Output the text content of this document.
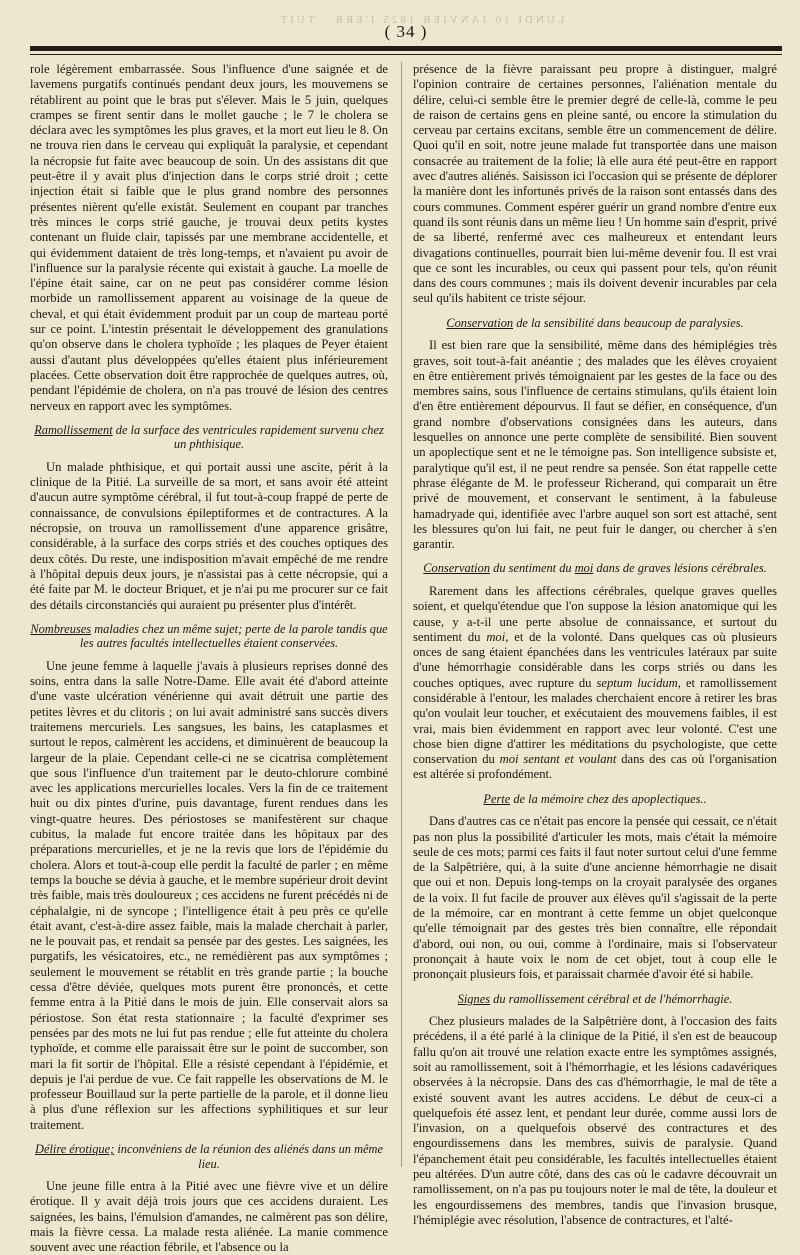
LUNDI 10 JANVIER 1825 I'ERR · TUIT
( 34 )

role légèrement embarrassée. Sous l'influence d'une saignée et de lavemens purgatifs continués pendant deux jours, les mouvemens se rétablirent au point que le bras put s'élever. Mais le 5 juin, quelques crampes se firent sentir dans le mollet gauche ; le 7 le cholera se déclara avec les symptômes les plus graves, et la mort eut lieu le 8. On ne trouva rien dans le cerveau qui expliquât la paralysie, et cependant la nécropsie fut faite avec beaucoup de soin. Un des assistans dit que peut-être il y avait plus d'injection dans le corps strié droit ; cette injection était si faible que le plus grand nombre des personnes présentes nièrent qu'elle existât. Seulement en coupant par tranches très minces le corps strié gauche, je trouvai deux petits kystes contenant un fluide clair, tapissés par une membrane accidentelle, et qui évidemment dataient de très long-temps, et n'avaient pu avoir de l'influence sur la paralysie récente qui existait à gauche. La moelle de l'épine était saine, car on ne peut pas considérer comme lésion morbide un ramollissement apparent au voisinage de la queue de cheval, et qui était évidemment produit par un coup de marteau porté sur ce point. L'intestin présentait le développement des granulations qu'on observe dans le cholera typhoïde ; les plaques de Peyer étaient aussi d'autant plus développées qu'elles étaient plus inférieurement placées. Cette observation doit être rapprochée de quelques autres, où, pendant l'épidémie de cholera, on n'a pas trouvé de lésion des centres nerveux en rapport avec les symptômes.

Ramollissement de la surface des ventricules rapidement survenu chez un phthisique.

Un malade phthisique, et qui portait aussi une ascite, périt à la clinique de la Pitié. La surveille de sa mort, et sans avoir été atteint d'aucun autre symptôme cérébral, il fut tout-à-coup frappé de perte de connaissance, de convulsions épileptiformes et de contractures. A la nécropsie, on trouva un ramollissement d'une apparence grisâtre, considérable, à la surface des corps striés et des couches optiques des deux côtés. Du reste, une indisposition m'avait empêché de me rendre à l'hôpital depuis deux jours, je n'assistai pas à cette nécropsie, qui a été faite par M. le docteur Briquet, et je n'ai pu me procurer sur ce fait des détails circonstanciés qui auraient pu présenter plus d'intérêt.

Nombreuses maladies chez un même sujet; perte de la parole tandis que les autres facultés intellectuelles étaient conservées.

Une jeune femme à laquelle j'avais à plusieurs reprises donné des soins, entra dans la salle Notre-Dame. Elle avait été d'abord atteinte d'une vaste ulcération vénérienne qui avait détruit une partie des petites lèvres et du clitoris ; on lui avait administré sans succès divers traitemens mercuriels. Les sangsues, les bains, les cataplasmes et surtout le repos, calmèrent les accidens, et diminuèrent de beaucoup la largeur de la plaie. Cependant celle-ci ne se cicatrisa complètement que sous l'influence d'un traitement par le deuto-chlorure combiné avec les applications mercurielles locales. Vers la fin de ce traitement huit ou dix pintes d'urine, puis davantage, furent rendues dans les vingt-quatre heures. Des périostoses se manifestèrent sur chaque cubitus, la malade fut encore traitée dans les hôpitaux par des préparations mercurielles, et je ne la revis que lors de l'épidémie du cholera. Alors et tout-à-coup elle perdit la faculté de parler ; en même temps la bouche se dévia à gauche, et le membre supérieur droit devint très faible, mais très douloureux ; ces accidens ne furent précédés ni de céphalalgie, ni de syncope ; l'intelligence était à peu près ce qu'elle était avant, c'est-à-dire assez faible, mais la malade cherchait à parler, ne le pouvait pas, et rendait sa pensée par des gestes. Les saignées, les purgatifs, les vésicatoires, etc., ne remédièrent pas aux symptômes ; seulement le mouvement se rétablit en très grande partie ; la bouche cessa d'être déviée, quelques mots purent être prononcés, et cette femme entra à la Pitié dans le mois de juin. Elle conservait alors sa périostose. Son état resta stationnaire ; la faculté d'exprimer ses pensées par des mots ne lui fut pas rendue ; elle fut atteinte du cholera typhoïde, et comme elle paraissait être sur le point de succomber, son mari la fit sortir de l'hôpital. Elle a résisté cependant à l'épidémie, et depuis je l'ai perdue de vue. Ce fait rappelle les observations de M. le professeur Bouillaud sur la perte partielle de la parole, et il donne lieu à plus d'une réflexion sur les affections syphilitiques et sur leur traitement.

Délire érotique; inconvéniens de la réunion des aliénés dans un même lieu.

Une jeune fille entra à la Pitié avec une fièvre vive et un délire érotique. Il y avait déjà trois jours que ces accidens duraient. Les saignées, les bains, l'émulsion d'amandes, ne calmèrent pas son délire, mais la fièvre cessa. La malade resta aliénée. La manie commence souvent avec une réaction fébrile, et l'absence ou la

présence de la fièvre paraissant peu propre à distinguer, malgré l'opinion contraire de certaines personnes, l'aliénation mentale du délire, celui-ci semble être le premier degré de celle-là, comme le peu de raison de certains gens en pleine santé, ou encore la stimulation du cerveau par certains excitans, semble être un commencement de délire. Quoi qu'il en soit, notre jeune malade fut transportée dans une maison consacrée au traitement de la folie; là elle aura été peut-être en rapport avec d'autres aliénés. Saisisson ici l'occasion qui se présente de déplorer la manière dont les infortunés privés de la raison sont entassés dans des cours communes. Comment espérer guérir un grand nombre d'entre eux quand ils sont réunis dans un même lieu ! Un homme sain d'esprit, privé de sa liberté, renfermé avec ces malheureux et entendant leurs divagations continuelles, pourrait bien lui-même devenir fou. Il est vrai que ce sont les incurables, ou ceux qui passent pour tels, qu'on réunit dans des cours communes ; mais ils doivent devenir incurables par cela seul qu'ils habitent ce triste séjour.

Conservation de la sensibilité dans beaucoup de paralysies.

Il est bien rare que la sensibilité, même dans des hémiplégies très graves, soit tout-à-fait anéantie ; des malades que les élèves croyaient en être entièrement privés témoignaient par les gestes de la face ou des membres sains, sous l'influence de certains stimulans, qu'ils étaient loin d'en être entièrement dépourvus. Il faut se défier, en conséquence, d'un grand nombre d'observations consignées dans les auteurs, dans lesquelles on annonce une perte complète de sensibilité. Bien souvent un apoplectique sent et ne le témoigne pas. Son intelligence subsiste et, paralytique qu'il est, il ne peut rendre sa pensée. Son état rappelle cette phrase élégante de M. le professeur Richerand, qui comparait un être privé de mouvement, et conservant le sentiment, à la fabuleuse hamadryade qui, identifiée avec l'arbre auquel son sort est attaché, sent les blessures qu'on lui fait, ne peut fuir le danger, ou chercher à s'en garantir.

Conservation du sentiment du moi dans de graves lésions cérébrales.

Rarement dans les affections cérébrales, quelque graves quelles soient, et quelqu'étendue que l'on suppose la lésion anatomique qui les cause, y a-t-il une perte absolue de connaissance, et surtout du sentiment du moi, et de la volonté. Dans quelques cas où plusieurs onces de sang étaient épanchées dans les ventricules latéraux par suite d'une hémorrhagie considérable dans les corps striés ou dans les couches optiques, avec rupture du septum lucidum, et ramollissement considérable à l'entour, les malades cherchaient encore à retirer les bras qu'on voulait leur toucher, et exécutaient des mouvemens faibles, il est vrai, mais bien évidemment en rapport avec leur volonté. C'est une chose bien digne d'attirer les méditations du psychologiste, que cette conservation du moi sentant et voulant dans des cas où l'organisation est altérée si profondément.

Perte de la mémoire chez des apoplectiques..

Dans d'autres cas ce n'était pas encore la pensée qui cessait, ce n'était pas non plus la possibilité d'articuler les mots, mais c'était la mémoire seule de ces mots; parmi ces faits il faut noter surtout celui d'une femme de la Salpêtrière, qui, à la suite d'une ancienne hémorrhagie ne disait que oui et non. Depuis long-temps on la croyait paralysée des organes de la voix. Il fut facile de prouver aux élèves qu'il s'agissait de la perte de la mémoire, car en montrant à cette femme un objet quelconque qu'elle témoignait par des gestes très bien connaître, elle répondait d'abord, oui non, ou oui, comme à l'ordinaire, mais si l'observateur prononçait à haute voix le nom de cet objet, tout à coup elle le prononçait plusieurs fois, et paraissait charmée d'avoir été si habile.

Signes du ramollissement cérébral et de l'hémorrhagie.

Chez plusieurs malades de la Salpêtrière dont, à l'occasion des faits précédens, il a été parlé à la clinique de la Pitié, il s'en est de beaucoup fallu qu'on ait trouvé une relation exacte entre les symptômes assignés, soit au ramollissement, soit à l'hémorrhagie, et les lésions cadavériques observées à la nécropsie. Dans des cas d'hémorrhagie, le mal de tête a existé souvent avant les autres accidens. Le début de ceux-ci a quelquefois été assez lent, et pendant leur durée, comme aussi lors de l'invasion, on a quelquefois observé des contractures et des engourdissemens dans les membres, suivis de paralysie. Quand l'épanchement était peu considérable, les facultés intellectuelles étaient peu altérées. D'un autre côté, dans des cas où le cadavre découvrait un ramollissement, on n'a pas pu toujours noter le mal de tête, la douleur et les engourdissemens des membres, tandis que l'invasion brusque, l'hémiplégie avec résolution, l'absence de contractures, et l'alté-
